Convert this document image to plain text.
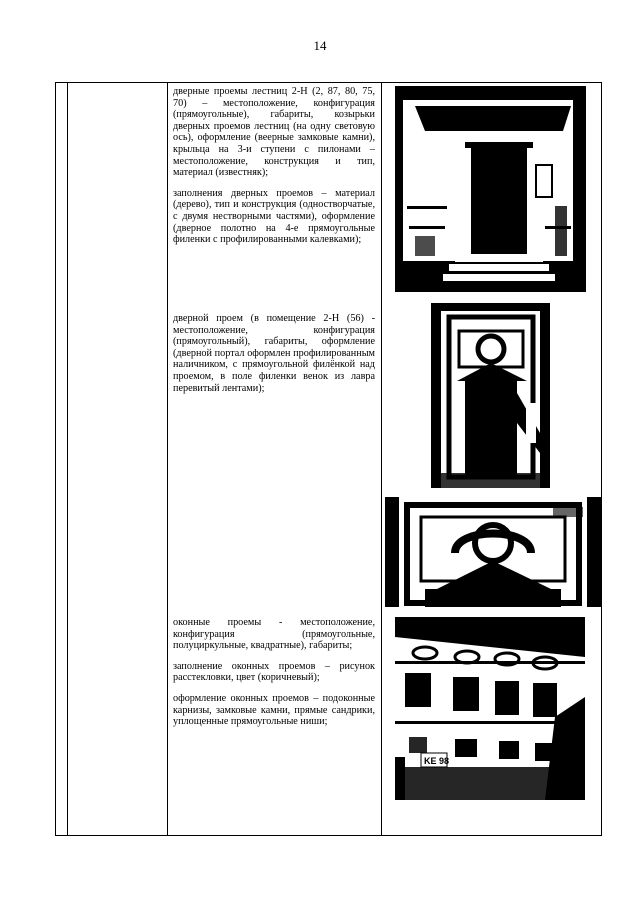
14

дверные проемы лестниц 2-Н (2, 87, 80, 75, 70) – местоположение, конфигурация (прямоугольные), габариты, козырьки дверных проемов лестниц (на одну световую ось), оформление (веерные замковые камни), крыльца на 3-и ступени с пилонами – местоположение, конструкция и тип, материал (известняк);

заполнения дверных проемов – материал (дерево), тип и конструкция (одностворчатые, с двумя нестворными частями), оформление (дверное полотно на 4-е прямоугольные филенки с профилированными калевками);

дверной проем (в помещение 2-Н (56) - местоположение, конфигурация (прямоугольный), габариты, оформление (дверной портал оформлен профилированным наличником, с прямоугольной филёнкой над проемом, в поле филенки венок из лавра перевитый лентами);

оконные проемы - местоположение, конфигурация (прямоугольные, полуциркульные, квадратные), габариты;

заполнение оконных проемов – рисунок расстекловки, цвет (коричневый);

оформление оконных проемов – подоконные карнизы, замковые камни, прямые сандрики, уплощенные прямоугольные ниши;

KE 98
